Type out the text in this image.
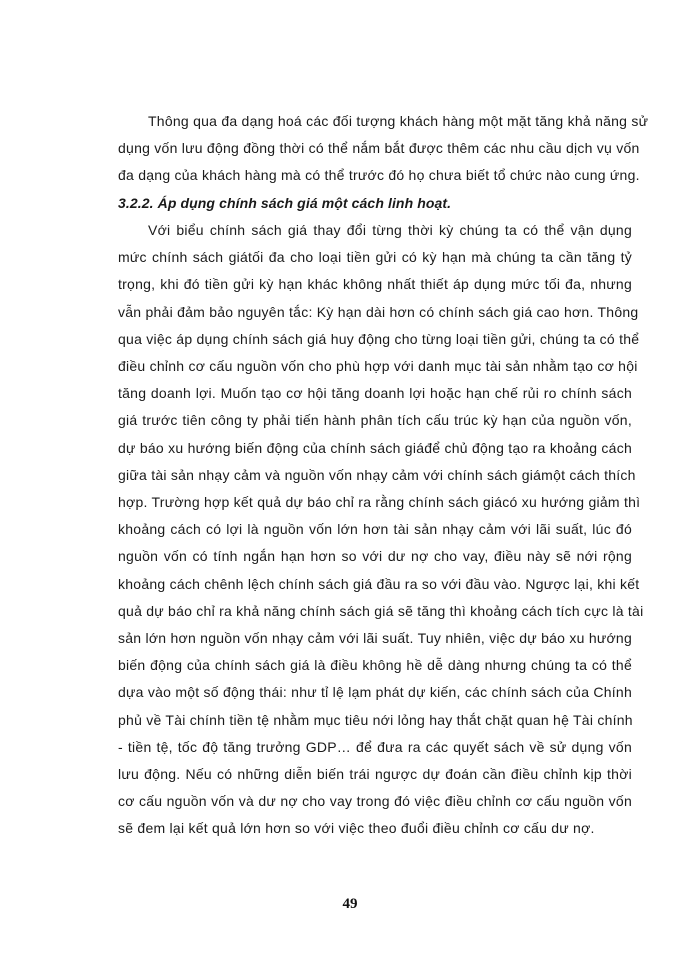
Thông qua đa dạng hoá các đối tượng khách hàng một mặt tăng khả năng sử
dụng vốn lưu động đồng thời có thể nắm bắt được thêm các nhu cầu dịch vụ vốn
đa dạng của khách hàng mà có thể trước đó họ chưa biết tổ chức nào cung ứng.
3.2.2. Áp dụng chính sách giá một cách linh hoạt.
Với biểu chính sách giá thay đổi từng thời kỳ chúng ta có thể vận dụng
mức chính sách giátối đa cho loại tiền gửi có kỳ hạn mà chúng ta cần tăng tỷ
trọng, khi đó tiền gửi kỳ hạn khác không nhất thiết áp dụng mức tối đa, nhưng
vẫn phải đảm bảo nguyên tắc: Kỳ hạn dài hơn có chính sách giá cao hơn. Thông
qua việc áp dụng chính sách giá huy động cho từng loại tiền gửi, chúng ta có thể
điều chỉnh cơ cấu nguồn vốn cho phù hợp với danh mục tài sản nhằm tạo cơ hội
tăng doanh lợi. Muốn tạo cơ hội tăng doanh lợi hoặc hạn chế rủi ro chính sách
giá trước tiên công ty phải tiến hành phân tích cấu trúc kỳ hạn của nguồn vốn,
dự báo xu hướng biến động của chính sách giáđể chủ động tạo ra khoảng cách
giữa tài sản nhạy cảm và nguồn vốn nhạy cảm với chính sách giámột cách thích
hợp. Trường hợp kết quả dự báo chỉ ra rằng chính sách giácó xu hướng giảm thì
khoảng cách có lợi là nguồn vốn lớn hơn tài sản nhạy cảm với lãi suất, lúc đó
nguồn vốn có tính ngắn hạn hơn so với dư nợ cho vay, điều này sẽ nới rộng
khoảng cách chênh lệch chính sách giá đầu ra so với đầu vào. Ngược lại, khi kết
quả dự báo chỉ ra khả năng chính sách giá sẽ tăng thì khoảng cách tích cực là tài
sản lớn hơn nguồn vốn nhạy cảm với lãi suất. Tuy nhiên, việc dự báo xu hướng
biến động của chính sách giá là điều không hề dễ dàng nhưng chúng ta có thể
dựa vào một số động thái: như tỉ lệ lạm phát dự kiến, các chính sách của Chính
phủ về Tài chính tiền tệ nhằm mục tiêu nới lỏng hay thắt chặt quan hệ Tài chính
- tiền tệ, tốc độ tăng trưởng GDP… để đưa ra các quyết sách về sử dụng vốn
lưu động. Nếu có những diễn biến trái ngược dự đoán cần điều chỉnh kịp thời
cơ cấu nguồn vốn và dư nợ cho vay trong đó việc điều chỉnh cơ cấu nguồn vốn
sẽ đem lại kết quả lớn hơn so với việc theo đuổi điều chỉnh cơ cấu dư nợ.
49
